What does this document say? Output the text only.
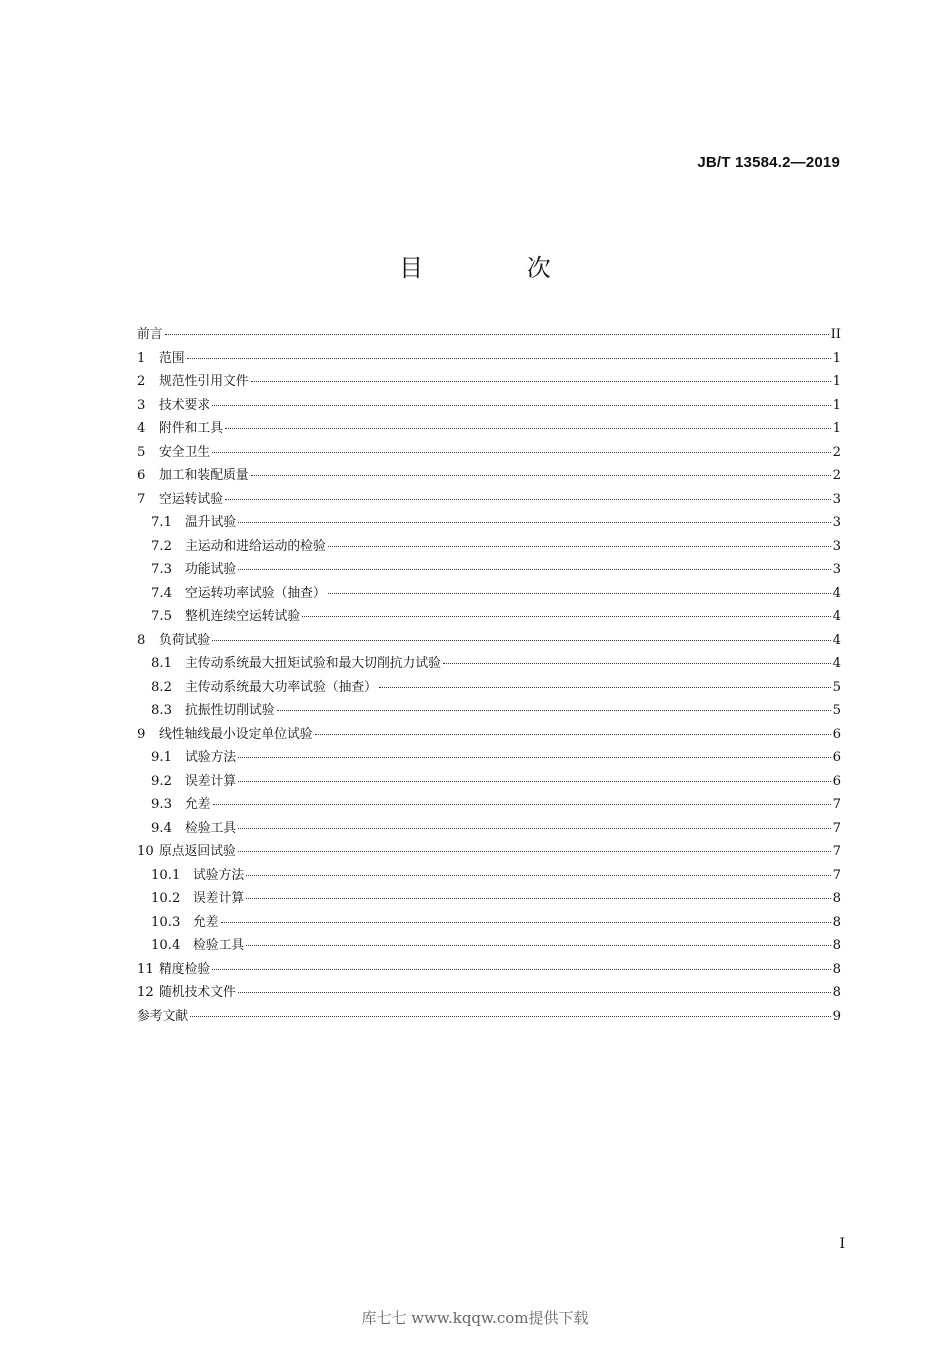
JB/T 13584.2—2019
目 次
前言	II
1	范围	1
2	规范性引用文件	1
3	技术要求	1
4	附件和工具	1
5	安全卫生	2
6	加工和装配质量	2
7	空运转试验	3
7.1	温升试验	3
7.2	主运动和进给运动的检验	3
7.3	功能试验	3
7.4	空运转功率试验（抽查）	4
7.5	整机连续空运转试验	4
8	负荷试验	4
8.1	主传动系统最大扭矩试验和最大切削抗力试验	4
8.2	主传动系统最大功率试验（抽查）	5
8.3	抗振性切削试验	5
9	线性轴线最小设定单位试验	6
9.1	试验方法	6
9.2	误差计算	6
9.3	允差	7
9.4	检验工具	7
10 原点返回试验	7
10.1 试验方法	7
10.2 误差计算	8
10.3 允差	8
10.4 检验工具	8
11 精度检验	8
12 随机技术文件	8
参考文献	9
I
库七七 www.kqqw.com提供下载
